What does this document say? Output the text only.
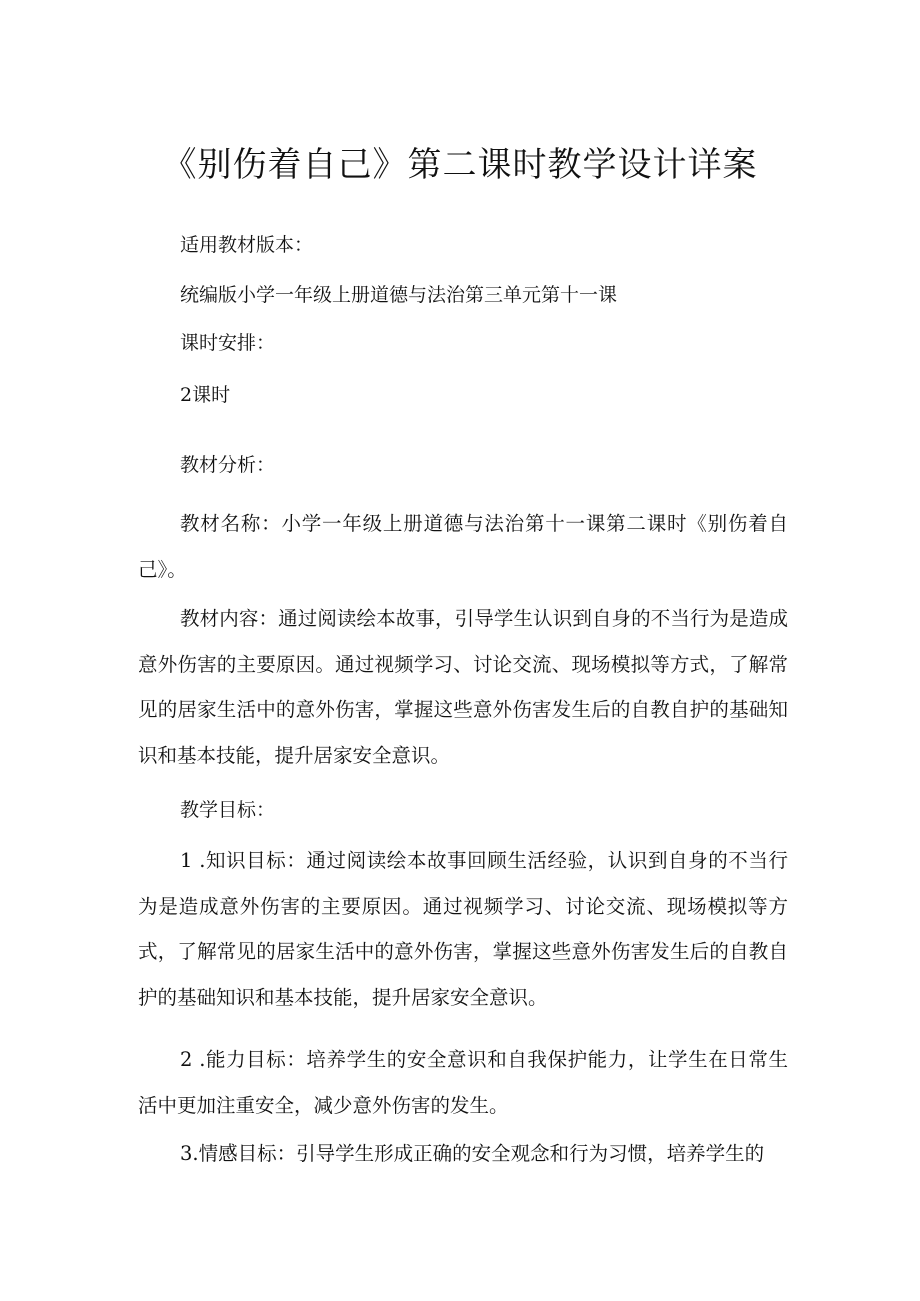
《别伤着自己》第二课时教学设计详案

适用教材版本：

统编版小学一年级上册道德与法治第三单元第十一课

课时安排：

2课时

教材分析：

教材名称：小学一年级上册道德与法治第十一课第二课时《别伤着自己》。

教材内容：通过阅读绘本故事，引导学生认识到自身的不当行为是造成意外伤害的主要原因。通过视频学习、讨论交流、现场模拟等方式，了解常见的居家生活中的意外伤害，掌握这些意外伤害发生后的自教自护的基础知识和基本技能，提升居家安全意识。

教学目标：

1 .知识目标：通过阅读绘本故事回顾生活经验，认识到自身的不当行为是造成意外伤害的主要原因。通过视频学习、讨论交流、现场模拟等方式，了解常见的居家生活中的意外伤害，掌握这些意外伤害发生后的自教自护的基础知识和基本技能，提升居家安全意识。

2 .能力目标：培养学生的安全意识和自我保护能力，让学生在日常生活中更加注重安全，减少意外伤害的发生。

3.情感目标：引导学生形成正确的安全观念和行为习惯，培养学生的
